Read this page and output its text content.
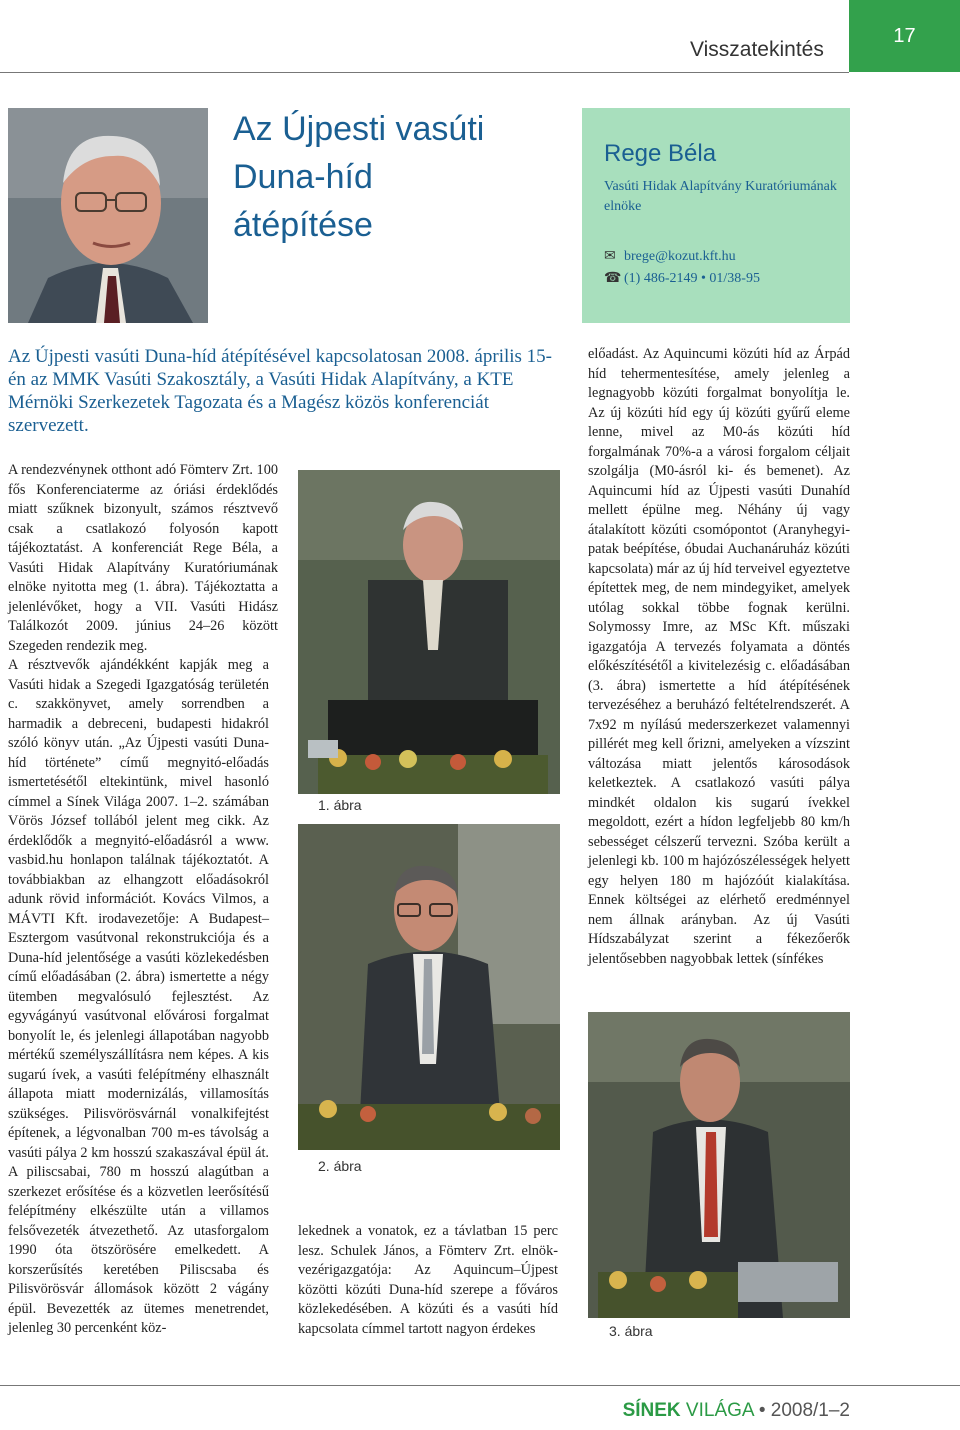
Visszatekintés
17
Az Újpesti vasúti Duna-híd átépítése
Rege Béla
Vasúti Hidak Alapítvány Kuratóriumának elnöke
✉ brege@kozut.kft.hu
☎ (1) 486-2149 • 01/38-95
Az Újpesti vasúti Duna-híd átépítésével kapcsolatosan 2008. április 15-én az MMK Vasúti Szakosztály, a Vasúti Hidak Alapítvány, a KTE Mérnöki Szerkezetek Tagozata és a Magész közös konferenciát szervezett.

A rendezvénynek otthont adó Fömterv Zrt. 100 fős Konferenciaterme az óriási érdeklődés miatt szűknek bizonyult, számos résztvevő csak a csatlakozó folyosón kapott tájékoztatást. A konferenciát Rege Béla, a Vasúti Hidak Alapítvány Kuratóriumának elnöke nyitotta meg (1. ábra). Tájékoztatta a jelenlévőket, hogy a VII. Vasúti Hidász Találkozót 2009. június 24–26 között Szegeden rendezik meg.

A résztvevők ajándékként kapják meg a Vasúti hidak a Szegedi Igazgatóság területén c. szakkönyvet, amely sorrendben a harmadik a debreceni, budapesti hidakról szóló könyv után. „Az Újpesti vasúti Duna-híd története” című megnyitó-előadás ismertetésétől eltekintünk, mivel hasonló címmel a Sínek Világa 2007. 1–2. számában Vörös József tollából jelent meg cikk. Az érdeklődők a megnyitó-előadásról a www. vasbid.hu honlapon találnak tájékoztatót. A továbbiakban az elhangzott előadásokról adunk rövid információt. Kovács Vilmos, a MÁVTI Kft. irodavezetője: A Budapest–Esztergom vasútvonal rekonstrukciója és a Duna-híd jelentősége a vasúti közlekedésben című előadásában (2. ábra) ismertette a négy ütemben megvalósuló fejlesztést. Az egyvágányú vasútvonal elővárosi forgalmat bonyolít le, és jelenlegi állapotában nagyobb mértékű személyszállításra nem képes. A kis sugarú ívek, a vasúti felépítmény elhasznált állapota miatt modernizálás, villamosítás szükséges. Pilisvörösvárnál vonalkifejtést építenek, a légvonalban 700 m-es távolság a vasúti pálya 2 km hosszú szakaszával épül át. A piliscsabai, 780 m hosszú alagútban a szerkezet erősítése és a közvetlen leerősítésű felépítmény elkészülte után a villamos felsővezeték átvezethető. Az utasforgalom 1990 óta ötszörösére emelkedett. A korszerűsítés keretében Piliscsaba és Pilisvörösvár állomások között 2 vágány épül. Bevezették az ütemes menetrendet, jelenleg 30 percenként köz-

1. ábra
2. ábra

lekednek a vonatok, ez a távlatban 15 perc lesz. Schulek János, a Fömterv Zrt. elnök-vezérigazgatója: Az Aquincum–Újpest közötti közúti Duna-híd szerepe a főváros közlekedésében. A közúti és a vasúti híd kapcsolata címmel tartott nagyon érdekes

előadást. Az Aquincumi közúti híd az Árpád híd tehermentesítése, amely jelenleg a legnagyobb közúti forgalmat bonyolítja le. Az új közúti híd egy új közúti gyűrű eleme lenne, mivel az M0-ás közúti híd forgalmának 70%-a a városi forgalom céljait szolgálja (M0-ásról ki- és bemenet). Az Aquincumi híd az Újpesti vasúti Dunahíd mellett épülne meg. Néhány új vagy átalakított közúti csomópontot (Aranyhegyi-patak beépítése, óbudai Auchanáruház közúti kapcsolata) már az új híd terveivel egyeztetve építettek meg, de nem mindegyiket, amelyek utólag sokkal többe fognak kerülni. Solymossy Imre, az MSc Kft. műszaki igazgatója A tervezés folyamata a döntés előkészítésétől a kivitelezésig c. előadásában (3. ábra) ismertette a híd átépítésének tervezéséhez a beruházó feltételrendszerét. A 7x92 m nyílású mederszerkezet valamennyi pillérét meg kell őrizni, amelyeken a vízszint változása miatt jelentős károsodások keletkeztek. A csatlakozó vasúti pálya mindkét oldalon kis sugarú ívekkel megoldott, ezért a hídon legfeljebb 80 km/h sebességet célszerű tervezni. Szóba került a jelenlegi kb. 100 m hajózószélességek helyett egy helyen 180 m hajózóút kialakítása. Ennek költségei az elérhető eredménnyel nem állnak arányban. Az új Vasúti Hídszabályzat szerint a fékezőerők jelentősebben nagyobbak lettek (sínfékes

3. ábra
SÍNEK VILÁGA • 2008/1–2
